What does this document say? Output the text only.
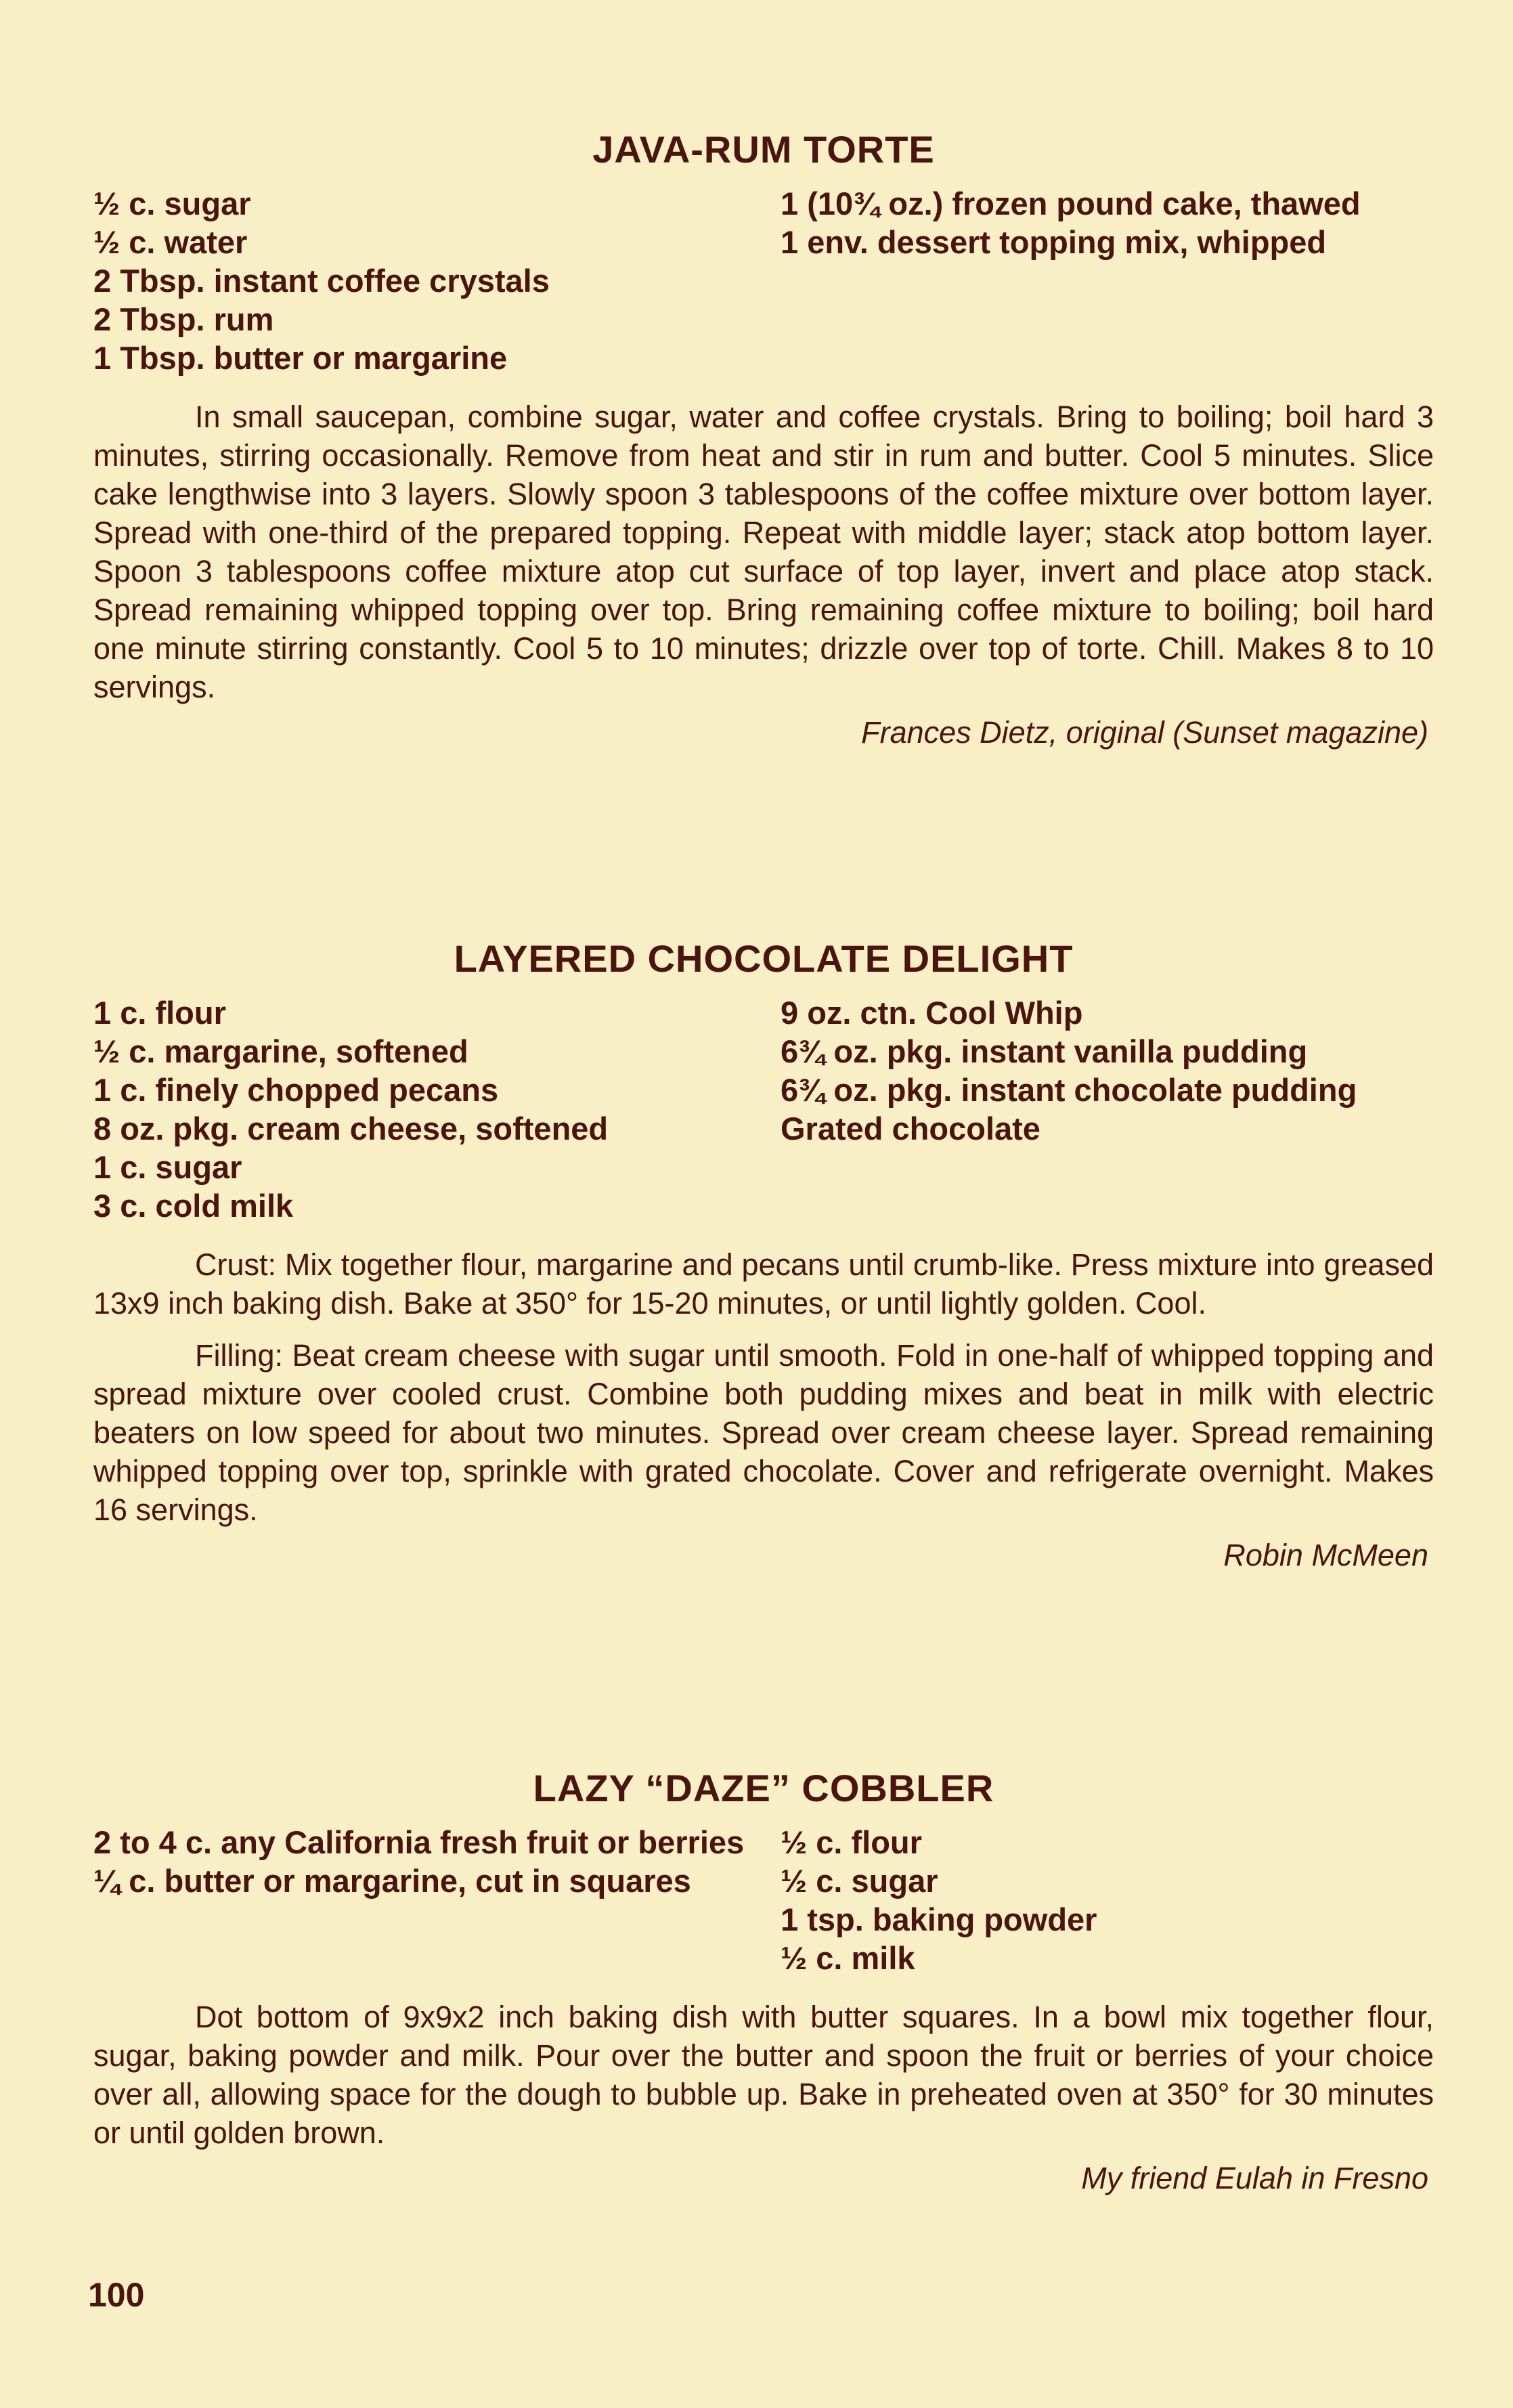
JAVA-RUM TORTE
½ c. sugar
½ c. water
2 Tbsp. instant coffee crystals
2 Tbsp. rum
1 Tbsp. butter or margarine
1 (10¾ oz.) frozen pound cake, thawed
1 env. dessert topping mix, whipped

In small saucepan, combine sugar, water and coffee crystals. Bring to boiling; boil hard 3 minutes, stirring occasionally. Remove from heat and stir in rum and butter. Cool 5 minutes. Slice cake lengthwise into 3 layers. Slowly spoon 3 tablespoons of the coffee mixture over bottom layer. Spread with one-third of the prepared topping. Repeat with middle layer; stack atop bottom layer. Spoon 3 tablespoons coffee mixture atop cut surface of top layer, invert and place atop stack. Spread remaining whipped topping over top. Bring remaining coffee mixture to boiling; boil hard one minute stirring constantly. Cool 5 to 10 minutes; drizzle over top of torte. Chill. Makes 8 to 10 servings.

Frances Dietz, original (Sunset magazine)

LAYERED CHOCOLATE DELIGHT
1 c. flour
½ c. margarine, softened
1 c. finely chopped pecans
8 oz. pkg. cream cheese, softened
1 c. sugar
3 c. cold milk
9 oz. ctn. Cool Whip
6¾ oz. pkg. instant vanilla pudding
6¾ oz. pkg. instant chocolate pudding
Grated chocolate

Crust: Mix together flour, margarine and pecans until crumb-like. Press mixture into greased 13x9 inch baking dish. Bake at 350° for 15-20 minutes, or until lightly golden. Cool.

Filling: Beat cream cheese with sugar until smooth. Fold in one-half of whipped topping and spread mixture over cooled crust. Combine both pudding mixes and beat in milk with electric beaters on low speed for about two minutes. Spread over cream cheese layer. Spread remaining whipped topping over top, sprinkle with grated chocolate. Cover and refrigerate overnight. Makes 16 servings.

Robin McMeen

LAZY “DAZE” COBBLER
2 to 4 c. any California fresh fruit or berries
¼ c. butter or margarine, cut in squares
½ c. flour
½ c. sugar
1 tsp. baking powder
½ c. milk

Dot bottom of 9x9x2 inch baking dish with butter squares. In a bowl mix together flour, sugar, baking powder and milk. Pour over the butter and spoon the fruit or berries of your choice over all, allowing space for the dough to bubble up. Bake in preheated oven at 350° for 30 minutes or until golden brown.

My friend Eulah in Fresno

100
